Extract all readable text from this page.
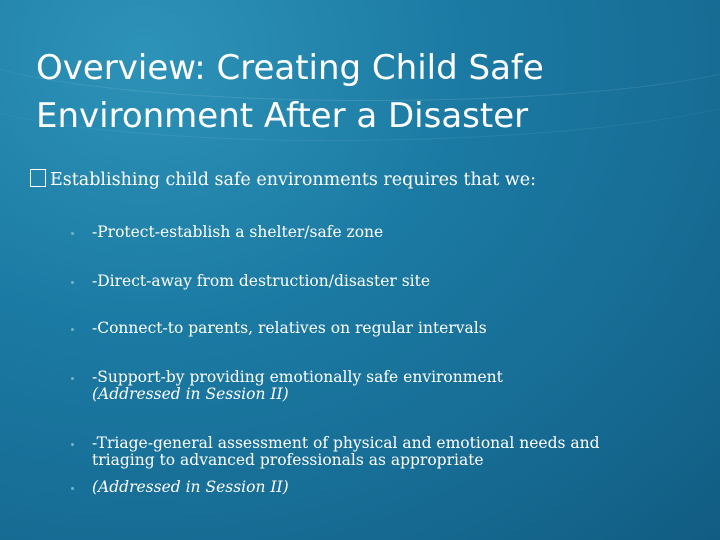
Overview: Creating Child Safe
Environment After a Disaster
Establishing child safe environments requires that we:
-Protect-establish a shelter/safe zone
-Direct-away from destruction/disaster site
-Connect-to parents, relatives on regular intervals
-Support-by providing emotionally safe environment
(Addressed in Session II)
-Triage-general assessment of physical and emotional needs and
triaging to advanced professionals as appropriate
(Addressed in Session II)
